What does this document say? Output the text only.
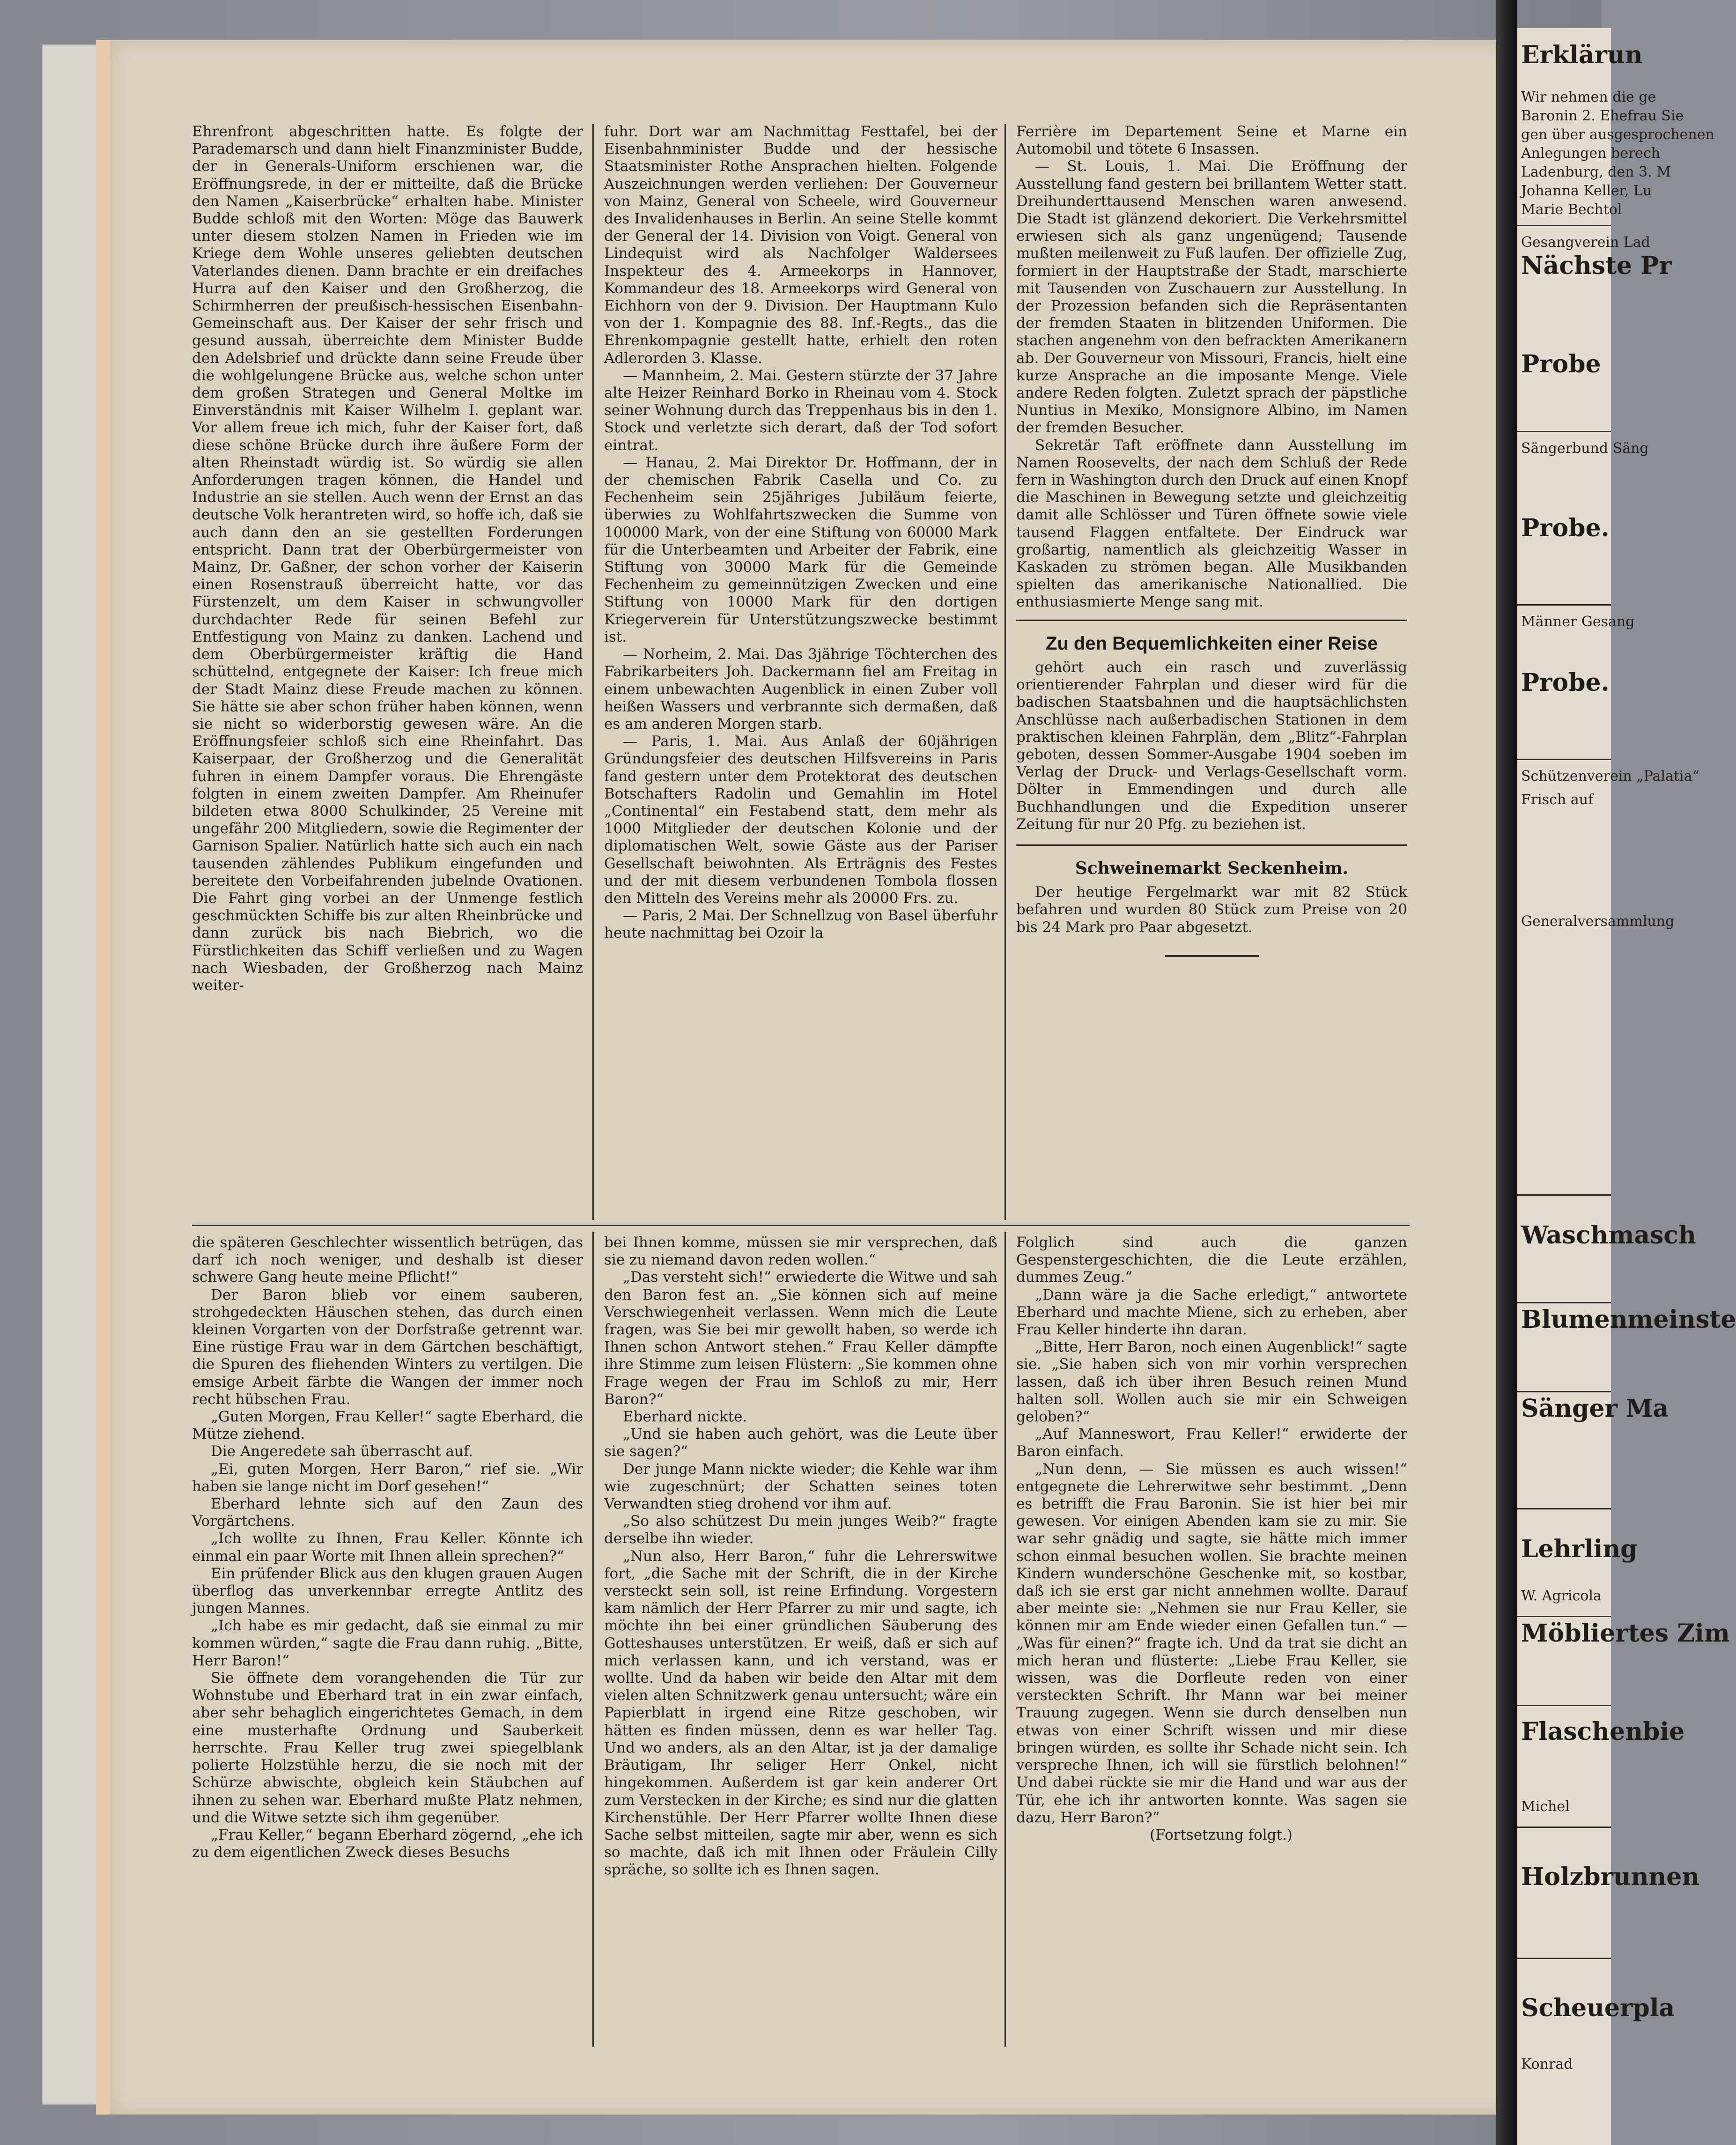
Ehrenfront abgeschritten hatte. Es folgte der Parademarsch und dann hielt Finanzminister Budde, der in Generals-Uniform erschienen war, die Eröffnungsrede, in der er mitteilte, daß die Brücke den Namen „Kaiserbrücke“ erhalten habe. Minister Budde schloß mit den Worten: Möge das Bauwerk unter diesem stolzen Namen in Frieden wie im Kriege dem Wohle unseres geliebten deutschen Vaterlandes dienen. Dann brachte er ein dreifaches Hurra auf den Kaiser und den Großherzog, die Schirmherren der preußisch-hessischen Eisenbahn-Gemeinschaft aus. Der Kaiser der sehr frisch und gesund aussah, überreichte dem Minister Budde den Adelsbrief und drückte dann seine Freude über die wohlgelungene Brücke aus, welche schon unter dem großen Strategen und General Moltke im Einverständnis mit Kaiser Wilhelm I. geplant war. Vor allem freue ich mich, fuhr der Kaiser fort, daß diese schöne Brücke durch ihre äußere Form der alten Rheinstadt würdig ist. So würdig sie allen Anforderungen tragen können, die Handel und Industrie an sie stellen. Auch wenn der Ernst an das deutsche Volk herantreten wird, so hoffe ich, daß sie auch dann den an sie gestellten Forderungen entspricht. Dann trat der Oberbürgermeister von Mainz, Dr. Gaßner, der schon vorher der Kaiserin einen Rosenstrauß überreicht hatte, vor das Fürstenzelt, um dem Kaiser in schwungvoller durchdachter Rede für seinen Befehl zur Entfestigung von Mainz zu danken. Lachend und dem Oberbürgermeister kräftig die Hand schüttelnd, entgegnete der Kaiser: Ich freue mich der Stadt Mainz diese Freude machen zu können. Sie hätte sie aber schon früher haben können, wenn sie nicht so widerborstig gewesen wäre. An die Eröffnungsfeier schloß sich eine Rheinfahrt. Das Kaiserpaar, der Großherzog und die Generalität fuhren in einem Dampfer voraus. Die Ehrengäste folgten in einem zweiten Dampfer. Am Rheinufer bildeten etwa 8000 Schulkinder, 25 Vereine mit ungefähr 200 Mitgliedern, sowie die Regimenter der Garnison Spalier. Natürlich hatte sich auch ein nach tausenden zählendes Publikum eingefunden und bereitete den Vorbeifahrenden jubelnde Ovationen. Die Fahrt ging vorbei an der Unmenge festlich geschmückten Schiffe bis zur alten Rheinbrücke und dann zurück bis nach Biebrich, wo die Fürstlichkeiten das Schiff verließen und zu Wagen nach Wiesbaden, der Großherzog nach Mainz weiter-

fuhr. Dort war am Nachmittag Festtafel, bei der Eisenbahnminister Budde und der hessische Staatsminister Rothe Ansprachen hielten. Folgende Auszeichnungen werden verliehen: Der Gouverneur von Mainz, General von Scheele, wird Gouverneur des Invalidenhauses in Berlin. An seine Stelle kommt der General der 14. Division von Voigt. General von Lindequist wird als Nachfolger Waldersees Inspekteur des 4. Armeekorps in Hannover, Kommandeur des 18. Armeekorps wird General von Eichhorn von der 9. Division. Der Hauptmann Kulo von der 1. Kompagnie des 88. Inf.-Regts., das die Ehrenkompagnie gestellt hatte, erhielt den roten Adlerorden 3. Klasse.

— Mannheim, 2. Mai. Gestern stürzte der 37 Jahre alte Heizer Reinhard Borko in Rheinau vom 4. Stock seiner Wohnung durch das Treppenhaus bis in den 1. Stock und verletzte sich derart, daß der Tod sofort eintrat.

— Hanau, 2. Mai Direktor Dr. Hoffmann, der in der chemischen Fabrik Casella und Co. zu Fechenheim sein 25jähriges Jubiläum feierte, überwies zu Wohlfahrtszwecken die Summe von 100000 Mark, von der eine Stiftung von 60000 Mark für die Unterbeamten und Arbeiter der Fabrik, eine Stiftung von 30000 Mark für die Gemeinde Fechenheim zu gemeinnützigen Zwecken und eine Stiftung von 10000 Mark für den dortigen Kriegerverein für Unterstützungszwecke bestimmt ist.

— Norheim, 2. Mai. Das 3jährige Töchterchen des Fabrikarbeiters Joh. Dackermann fiel am Freitag in einem unbewachten Augenblick in einen Zuber voll heißen Wassers und verbrannte sich dermaßen, daß es am anderen Morgen starb.

— Paris, 1. Mai. Aus Anlaß der 60jährigen Gründungsfeier des deutschen Hilfsvereins in Paris fand gestern unter dem Protektorat des deutschen Botschafters Radolin und Gemahlin im Hotel „Continental“ ein Festabend statt, dem mehr als 1000 Mitglieder der deutschen Kolonie und der diplomatischen Welt, sowie Gäste aus der Pariser Gesellschaft beiwohnten. Als Erträgnis des Festes und der mit diesem verbundenen Tombola flossen den Mitteln des Vereins mehr als 20000 Frs. zu.

— Paris, 2 Mai. Der Schnellzug von Basel überfuhr heute nachmittag bei Ozoir la

Ferrière im Departement Seine et Marne ein Automobil und tötete 6 Insassen.

— St. Louis, 1. Mai. Die Eröffnung der Ausstellung fand gestern bei brillantem Wetter statt. Dreihunderttausend Menschen waren anwesend. Die Stadt ist glänzend dekoriert. Die Verkehrsmittel erwiesen sich als ganz ungenügend; Tausende mußten meilenweit zu Fuß laufen. Der offizielle Zug, formiert in der Hauptstraße der Stadt, marschierte mit Tausenden von Zuschauern zur Ausstellung. In der Prozession befanden sich die Repräsentanten der fremden Staaten in blitzenden Uniformen. Die stachen angenehm von den befrackten Amerikanern ab. Der Gouverneur von Missouri, Francis, hielt eine kurze Ansprache an die imposante Menge. Viele andere Reden folgten. Zuletzt sprach der päpstliche Nuntius in Mexiko, Monsignore Albino, im Namen der fremden Besucher.

Sekretär Taft eröffnete dann Ausstellung im Namen Roosevelts, der nach dem Schluß der Rede fern in Washington durch den Druck auf einen Knopf die Maschinen in Bewegung setzte und gleichzeitig damit alle Schlösser und Türen öffnete sowie viele tausend Flaggen entfaltete. Der Eindruck war großartig, namentlich als gleichzeitig Wasser in Kaskaden zu strömen began. Alle Musikbanden spielten das amerikanische Nationallied. Die enthusiasmierte Menge sang mit.

Zu den Bequemlichkeiten einer Reise

gehört auch ein rasch und zuverlässig orientierender Fahrplan und dieser wird für die badischen Staatsbahnen und die hauptsächlichsten Anschlüsse nach außerbadischen Stationen in dem praktischen kleinen Fahrplän, dem „Blitz“-Fahrplan geboten, dessen Sommer-Ausgabe 1904 soeben im Verlag der Druck- und Verlags-Gesellschaft vorm. Dölter in Emmendingen und durch alle Buchhandlungen und die Expedition unserer Zeitung für nur 20 Pfg. zu beziehen ist.

Schweinemarkt Seckenheim.

Der heutige Fergelmarkt war mit 82 Stück befahren und wurden 80 Stück zum Preise von 20 bis 24 Mark pro Paar abgesetzt.

die späteren Geschlechter wissentlich betrügen, das darf ich noch weniger, und deshalb ist dieser schwere Gang heute meine Pflicht!“

Der Baron blieb vor einem sauberen, strohgedeckten Häuschen stehen, das durch einen kleinen Vorgarten von der Dorfstraße getrennt war. Eine rüstige Frau war in dem Gärtchen beschäftigt, die Spuren des fliehenden Winters zu vertilgen. Die emsige Arbeit färbte die Wangen der immer noch recht hübschen Frau.

„Guten Morgen, Frau Keller!“ sagte Eberhard, die Mütze ziehend.

Die Angeredete sah überrascht auf.

„Ei, guten Morgen, Herr Baron,“ rief sie. „Wir haben sie lange nicht im Dorf gesehen!“

Eberhard lehnte sich auf den Zaun des Vorgärtchens.

„Ich wollte zu Ihnen, Frau Keller. Könnte ich einmal ein paar Worte mit Ihnen allein sprechen?“

Ein prüfender Blick aus den klugen grauen Augen überflog das unverkennbar erregte Antlitz des jungen Mannes.

„Ich habe es mir gedacht, daß sie einmal zu mir kommen würden,“ sagte die Frau dann ruhig. „Bitte, Herr Baron!“

Sie öffnete dem vorangehenden die Tür zur Wohnstube und Eberhard trat in ein zwar einfach, aber sehr behaglich eingerichtetes Gemach, in dem eine musterhafte Ordnung und Sauberkeit herrschte. Frau Keller trug zwei spiegelblank polierte Holzstühle herzu, die sie noch mit der Schürze abwischte, obgleich kein Stäubchen auf ihnen zu sehen war. Eberhard mußte Platz nehmen, und die Witwe setzte sich ihm gegenüber.

„Frau Keller,“ begann Eberhard zögernd, „ehe ich zu dem eigentlichen Zweck dieses Besuchs

bei Ihnen komme, müssen sie mir versprechen, daß sie zu niemand davon reden wollen.“

„Das versteht sich!“ erwiederte die Witwe und sah den Baron fest an. „Sie können sich auf meine Verschwiegenheit verlassen. Wenn mich die Leute fragen, was Sie bei mir gewollt haben, so werde ich Ihnen schon Antwort stehen.“ Frau Keller dämpfte ihre Stimme zum leisen Flüstern: „Sie kommen ohne Frage wegen der Frau im Schloß zu mir, Herr Baron?“

Eberhard nickte.

„Und sie haben auch gehört, was die Leute über sie sagen?“

Der junge Mann nickte wieder; die Kehle war ihm wie zugeschnürt; der Schatten seines toten Verwandten stieg drohend vor ihm auf.

„So also schützest Du mein junges Weib?“ fragte derselbe ihn wieder.

„Nun also, Herr Baron,“ fuhr die Lehrerswitwe fort, „die Sache mit der Schrift, die in der Kirche versteckt sein soll, ist reine Erfindung. Vorgestern kam nämlich der Herr Pfarrer zu mir und sagte, ich möchte ihn bei einer gründlichen Säuberung des Gotteshauses unterstützen. Er weiß, daß er sich auf mich verlassen kann, und ich verstand, was er wollte. Und da haben wir beide den Altar mit dem vielen alten Schnitzwerk genau untersucht; wäre ein Papierblatt in irgend eine Ritze geschoben, wir hätten es finden müssen, denn es war heller Tag. Und wo anders, als an den Altar, ist ja der damalige Bräutigam, Ihr seliger Herr Onkel, nicht hingekommen. Außerdem ist gar kein anderer Ort zum Verstecken in der Kirche; es sind nur die glatten Kirchenstühle. Der Herr Pfarrer wollte Ihnen diese Sache selbst mitteilen, sagte mir aber, wenn es sich so machte, daß ich mit Ihnen oder Fräulein Cilly spräche, so sollte ich es Ihnen sagen.

Folglich sind auch die ganzen Gespenstergeschichten, die die Leute erzählen, dummes Zeug.“

„Dann wäre ja die Sache erledigt,“ antwortete Eberhard und machte Miene, sich zu erheben, aber Frau Keller hinderte ihn daran.

„Bitte, Herr Baron, noch einen Augenblick!“ sagte sie. „Sie haben sich von mir vorhin versprechen lassen, daß ich über ihren Besuch reinen Mund halten soll. Wollen auch sie mir ein Schweigen geloben?“

„Auf Manneswort, Frau Keller!“ erwiderte der Baron einfach.

„Nun denn, — Sie müssen es auch wissen!“ entgegnete die Lehrerwitwe sehr bestimmt. „Denn es betrifft die Frau Baronin. Sie ist hier bei mir gewesen. Vor einigen Abenden kam sie zu mir. Sie war sehr gnädig und sagte, sie hätte mich immer schon einmal besuchen wollen. Sie brachte meinen Kindern wunderschöne Geschenke mit, so kostbar, daß ich sie erst gar nicht annehmen wollte. Darauf aber meinte sie: „Nehmen sie nur Frau Keller, sie können mir am Ende wieder einen Gefallen tun.“ — „Was für einen?“ fragte ich. Und da trat sie dicht an mich heran und flüsterte: „Liebe Frau Keller, sie wissen, was die Dorfleute reden von einer versteckten Schrift. Ihr Mann war bei meiner Trauung zugegen. Wenn sie durch denselben nun etwas von einer Schrift wissen und mir diese bringen würden, es sollte ihr Schade nicht sein. Ich verspreche Ihnen, ich will sie fürstlich belohnen!“ Und dabei rückte sie mir die Hand und war aus der Tür, ehe ich ihr antworten konnte. Was sagen sie dazu, Herr Baron?“

(Fortsetzung folgt.)

Erklärun
Wir nehmen die ge
Baronin 2. Ehefrau Sie
gen über ausgesprochenen
Anlegungen berech
Ladenburg, den 3. M
Johanna Keller, Lu
Marie Bechtol
Gesangverein Lad
Nächste Pr
Probe
Sängerbund Säng
Probe.
Männer Gesang
Probe.
Schützenverein „Palatia“
Frisch auf
Generalversammlung
Waschmasch
Blumenmeinste
Sänger Ma
Lehrling
W. Agricola
Möbliertes Zim
Flaschenbie
Michel
Holzbrunnen
Scheuerpla
Konrad
